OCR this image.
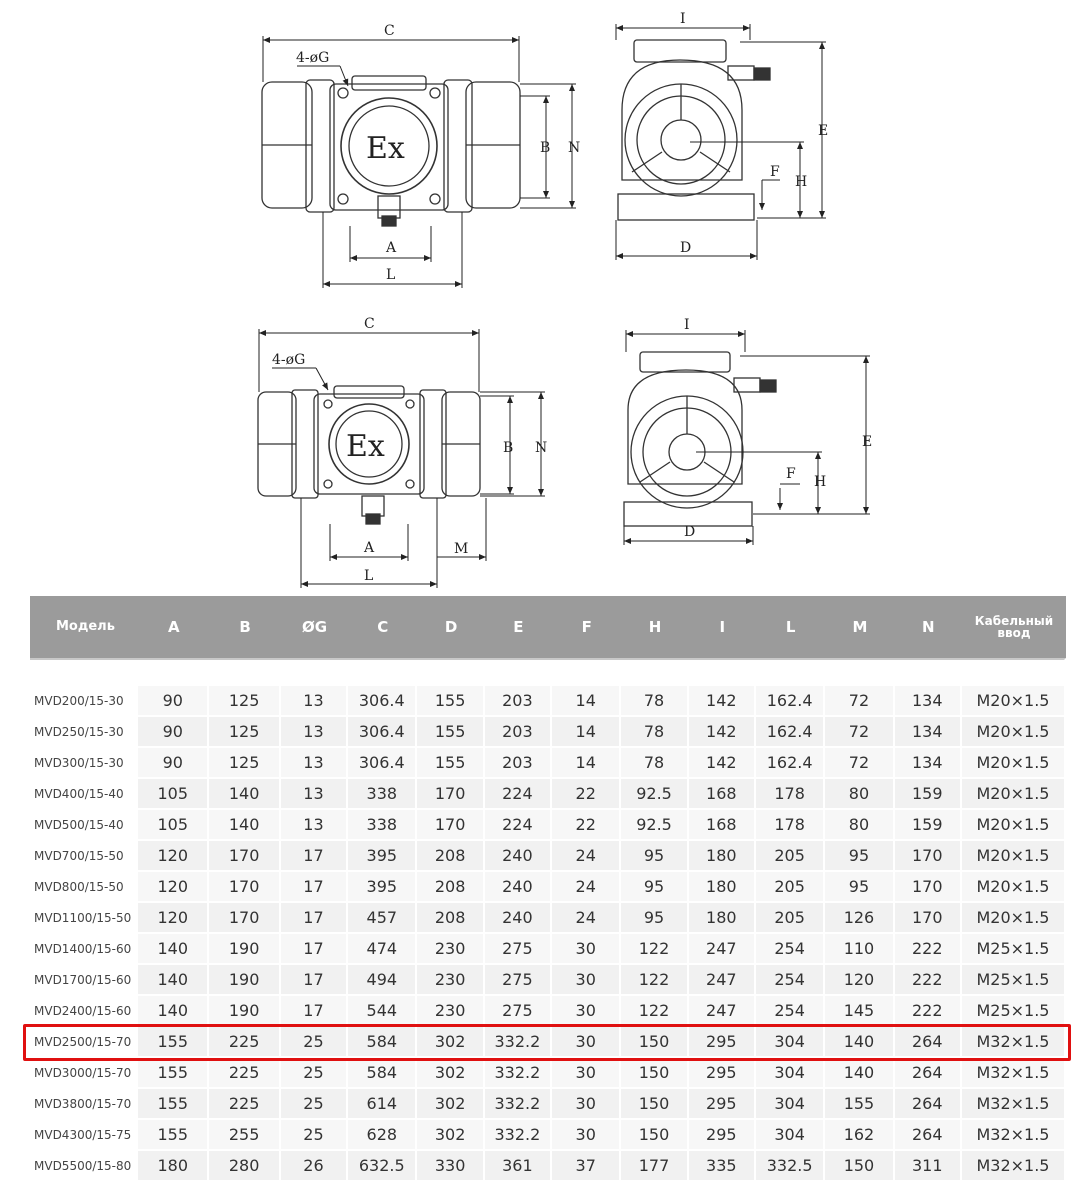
Ex
C
4-øG
B N
A
L
I
D
E
H
F
Ex
C
4-øG
B N
A
L
M
I
D
E
H
F
Модель	A	B	ØG	C	D	E	F	H	I	L	M	N	Кабельный
ввод

MVD200/15-30	90	125	13	306.4	155	203	14	78	142	162.4	72	134	M20×1.5
MVD250/15-30	90	125	13	306.4	155	203	14	78	142	162.4	72	134	M20×1.5
MVD300/15-30	90	125	13	306.4	155	203	14	78	142	162.4	72	134	M20×1.5
MVD400/15-40	105	140	13	338	170	224	22	92.5	168	178	80	159	M20×1.5
MVD500/15-40	105	140	13	338	170	224	22	92.5	168	178	80	159	M20×1.5
MVD700/15-50	120	170	17	395	208	240	24	95	180	205	95	170	M20×1.5
MVD800/15-50	120	170	17	395	208	240	24	95	180	205	95	170	M20×1.5
MVD1100/15-50	120	170	17	457	208	240	24	95	180	205	126	170	M20×1.5
MVD1400/15-60	140	190	17	474	230	275	30	122	247	254	110	222	M25×1.5
MVD1700/15-60	140	190	17	494	230	275	30	122	247	254	120	222	M25×1.5
MVD2400/15-60	140	190	17	544	230	275	30	122	247	254	145	222	M25×1.5
MVD2500/15-70	155	225	25	584	302	332.2	30	150	295	304	140	264	M32×1.5
MVD3000/15-70	155	225	25	584	302	332.2	30	150	295	304	140	264	M32×1.5
MVD3800/15-70	155	225	25	614	302	332.2	30	150	295	304	155	264	M32×1.5
MVD4300/15-75	155	255	25	628	302	332.2	30	150	295	304	162	264	M32×1.5
MVD5500/15-80	180	280	26	632.5	330	361	37	177	335	332.5	150	311	M32×1.5
